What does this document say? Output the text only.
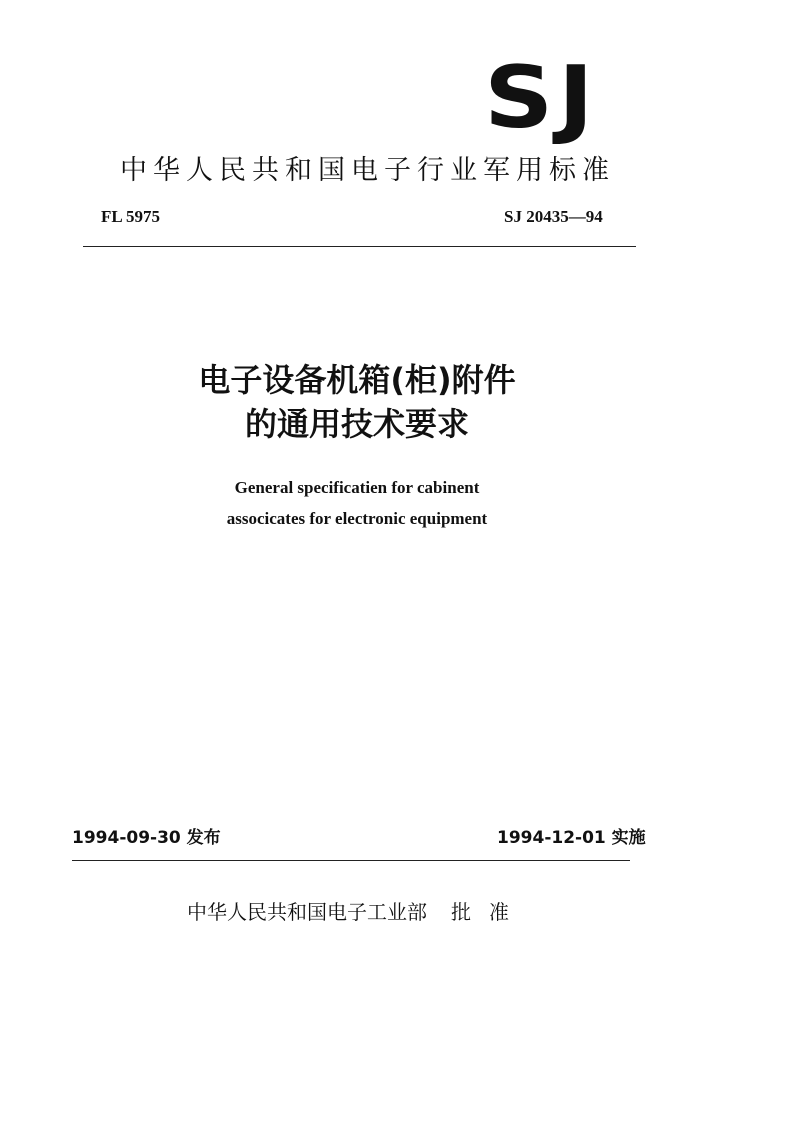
SJ
中华人民共和国电子行业军用标准
FL 5975	SJ 20435—94
电子设备机箱(柜)附件
的通用技术要求
General specificatien for cabinent
associcates for electronic equipment
1994-09-30 发布	1994-12-01 实施
中华人民共和国电子工业部 批准
